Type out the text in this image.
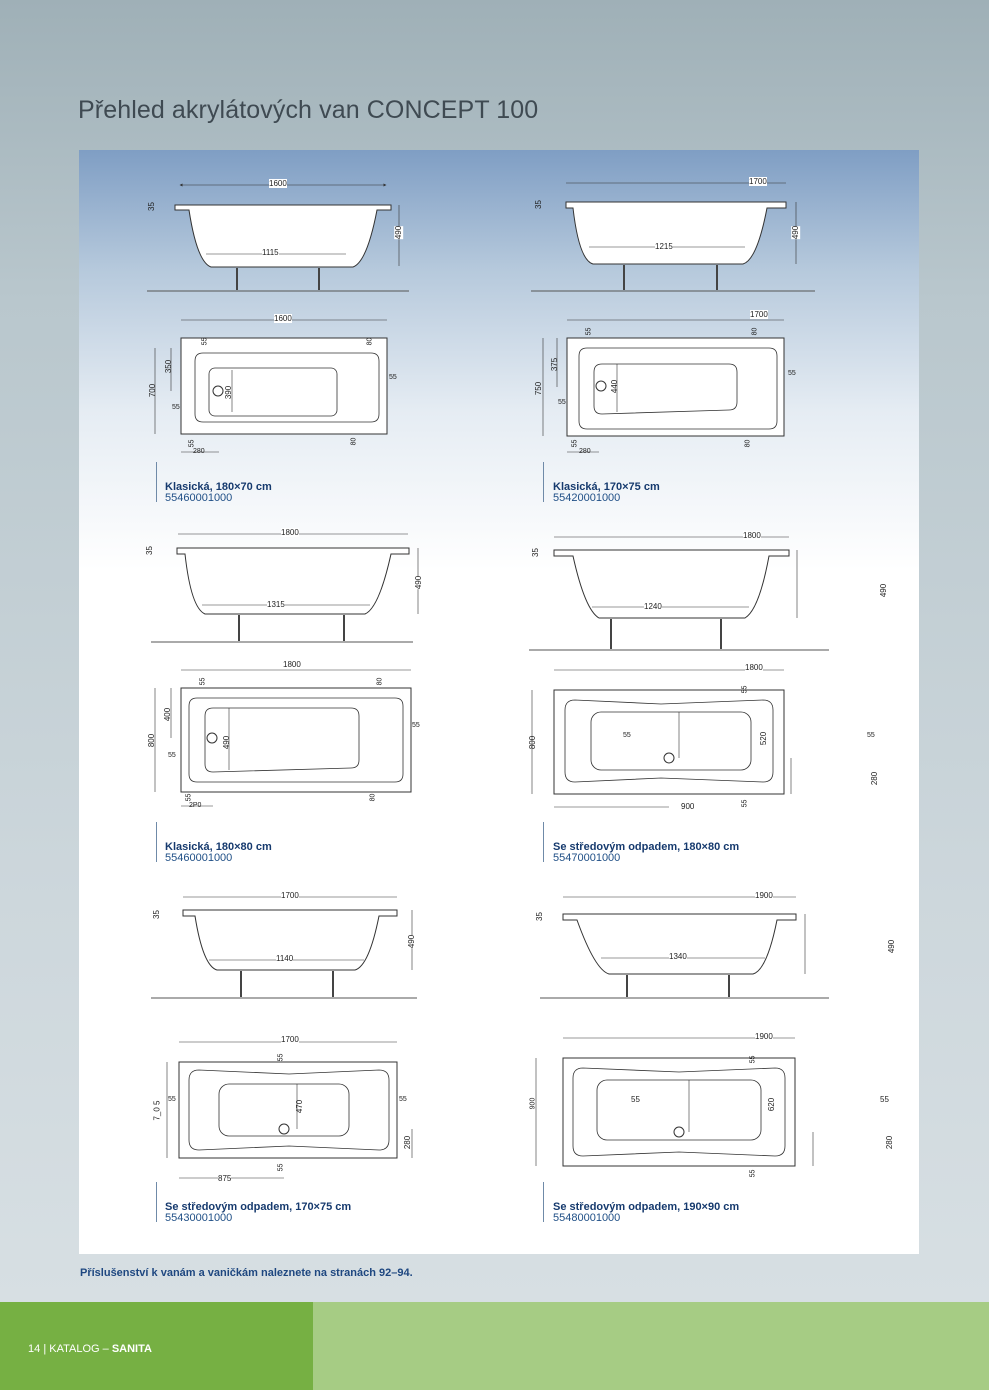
Přehled akrylátových van CONCEPT 100
1600
1115
490
35
1600
700
350
390
55
55
55	80
80
55
280
Klasická, 180×70 cm
55460001000
1700
1215
490
35
1700
750
375
440
55
55
55	80
80
55
280
Klasická, 170×75 cm
55420001000
1800
1315
490
35
1800
800
400
490
55
55
55	80
80
55
2P0
Klasická, 180×80 cm
55460001000
1800
1240
490
35
1800
800	520
55	55
55
55
280
900
Se středovým odpadem, 180×80 cm
55470001000
1700
1140
490
35
1700
7_0 5	470
55	55
55
55
280
875
Se středovým odpadem, 170×75 cm
55430001000
1900
1340
490
35
1900
900	620
55	55
55
55
280
Se středovým odpadem, 190×90 cm
55480001000
Příslušenství k vanám a vaničkám naleznete na stranách 92–94.
14 | KATALOG – SANITA
